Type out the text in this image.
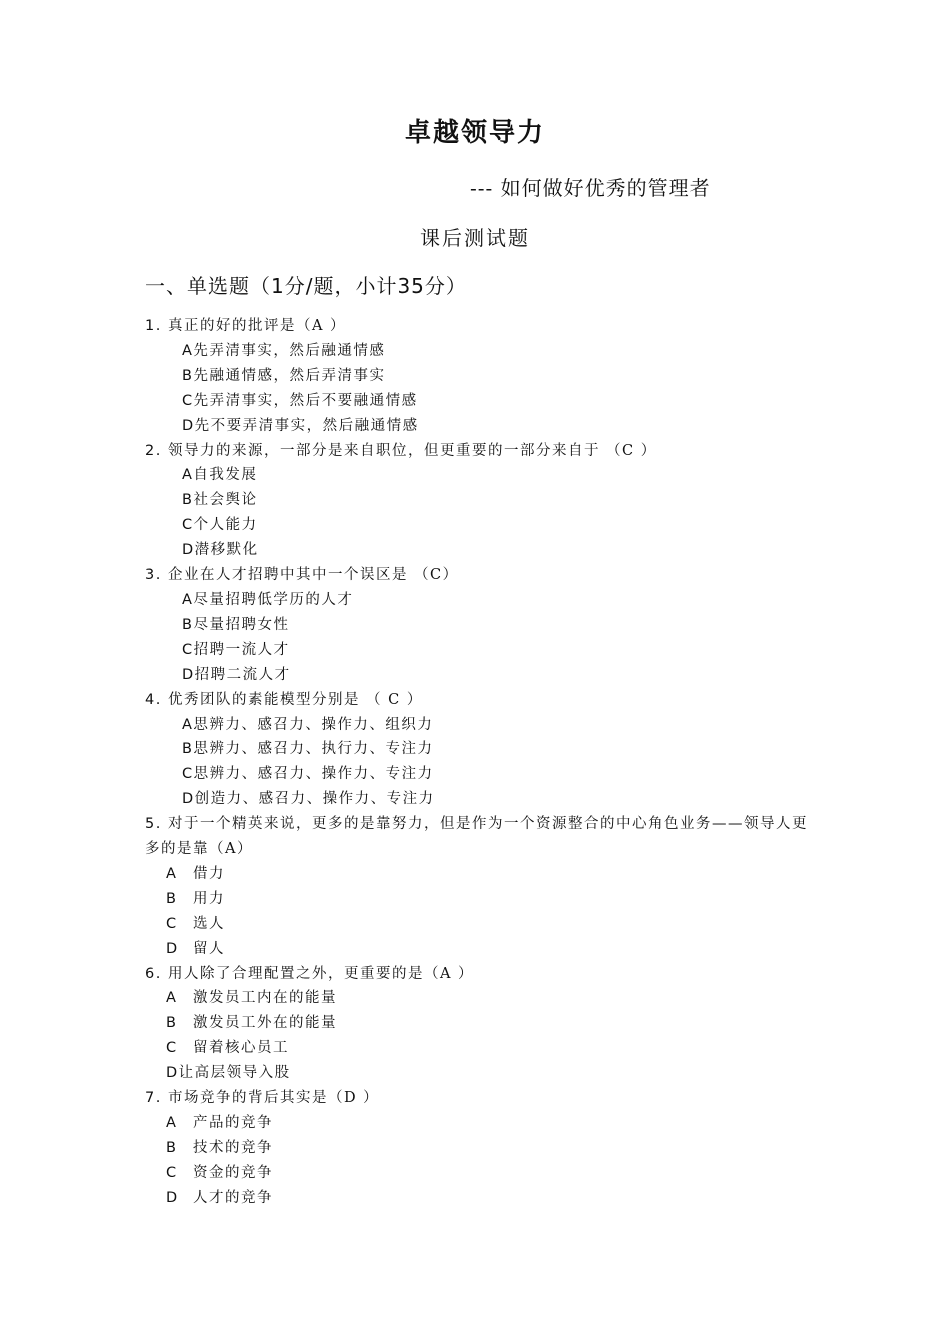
卓越领导力
--- 如何做好优秀的管理者
课后测试题
一、单选题（1分/题，小计35分）

1. 真正的好的批评是（A ）

A先弄清事实，然后融通情感

B先融通情感，然后弄清事实

C先弄清事实，然后不要融通情感

D先不要弄清事实，然后融通情感

2. 领导力的来源，一部分是来自职位，但更重要的一部分来自于 （C ）

A自我发展

B社会舆论

C个人能力

D潜移默化

3. 企业在人才招聘中其中一个误区是 （C）

A尽量招聘低学历的人才

B尽量招聘女性

C招聘一流人才

D招聘二流人才

4. 优秀团队的素能模型分别是 （ C ）

A思辨力、感召力、操作力、组织力

B思辨力、感召力、执行力、专注力

C思辨力、感召力、操作力、专注力

D创造力、感召力、操作力、专注力

5. 对于一个精英来说，更多的是靠努力，但是作为一个资源整合的中心角色业务——领导人更多的是靠（A）

A 借力

B 用力

C 选人

D 留人

6. 用人除了合理配置之外，更重要的是（A ）

A 激发员工内在的能量

B 激发员工外在的能量

C 留着核心员工

D让高层领导入股

7. 市场竞争的背后其实是（D ）

A 产品的竞争

B 技术的竞争

C 资金的竞争

D 人才的竞争
